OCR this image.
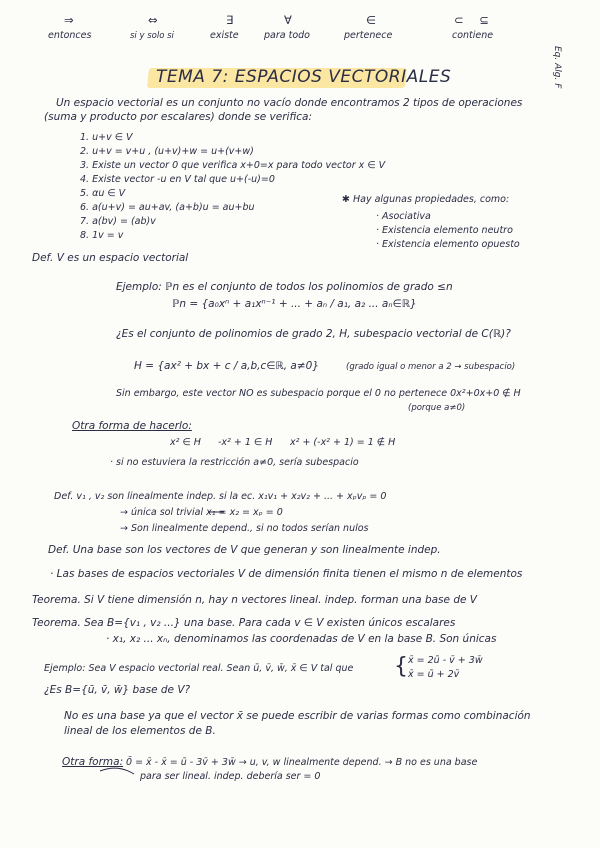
⇒
entonces
⇔
si y solo si
∃
existe
∀
para todo
∈
pertenece
⊂ ⊆
contiene
Eq. Alg. F
TEMA 7: ESPACIOS VECTORIALES
Un espacio vectorial es un conjunto no vacío donde encontramos 2 tipos de operaciones
(suma y producto por escalares) donde se verifica:
1. u+v ∈ V
2. u+v = v+u , (u+v)+w = u+(v+w)
3. Existe un vector 0 que verifica x+0=x para todo vector x ∈ V
4. Existe vector -u en V tal que u+(-u)=0
5. αu ∈ V
6. a(u+v) = au+av, (a+b)u = au+bu
7. a(bv) = (ab)v
8. 1v = v
✱ Hay algunas propiedades, como:
· Asociativa
· Existencia elemento neutro
· Existencia elemento opuesto
Def. V es un espacio vectorial
Ejemplo: ℙn es el conjunto de todos los polinomios de grado ≤n
ℙn = {a₀xⁿ + a₁xⁿ⁻¹ + ... + aₙ / a₁, a₂ ... aₙ∈ℝ}
¿Es el conjunto de polinomios de grado 2, H, subespacio vectorial de C(ℝ)?
H = {ax² + bx + c / a,b,c∈ℝ, a≠0}	(grado igual o menor a 2 → subespacio)
Sin embargo, este vector NO es subespacio porque el 0 no pertenece 0x²+0x+0 ∉ H
(porque a≠0)
Otra forma de hacerlo:
x² ∈ H -x² + 1 ∈ H x² + (-x² + 1) = 1 ∉ H
· si no estuviera la restricción a≠0, sería subespacio
Def. v₁ , v₂ son linealmente indep. si la ec. x₁v₁ + x₂v₂ + ... + xₚvₚ = 0
→ única sol trivial x₁ = x₂ = xₚ = 0
→ Son linealmente depend., si no todos serían nulos
Def. Una base son los vectores de V que generan y son linealmente indep.
· Las bases de espacios vectoriales V de dimensión finita tienen el mismo n de elementos
Teorema. Si V tiene dimensión n, hay n vectores lineal. indep. forman una base de V
Teorema. Sea B={v₁ , v₂ ...} una base. Para cada v ∈ V existen únicos escalares
· x₁, x₂ ... xₙ, denominamos las coordenadas de V en la base B. Son únicas
Ejemplo: Sea V espacio vectorial real. Sean ū, v̄, w̄, x̄ ∈ V tal que { x̄ = 2ū - v̄ + 3w̄
x̄ = ū + 2v̄
¿Es B={ū, v̄, w̄} base de V?
No es una base ya que el vector x̄ se puede escribir de varias formas como combinación
lineal de los elementos de B.
Otra forma: 0̄ = x̄ - x̄ = ū - 3v̄ + 3w̄ → u, v, w linealmente depend. → B no es una base
para ser lineal. indep. debería ser = 0
